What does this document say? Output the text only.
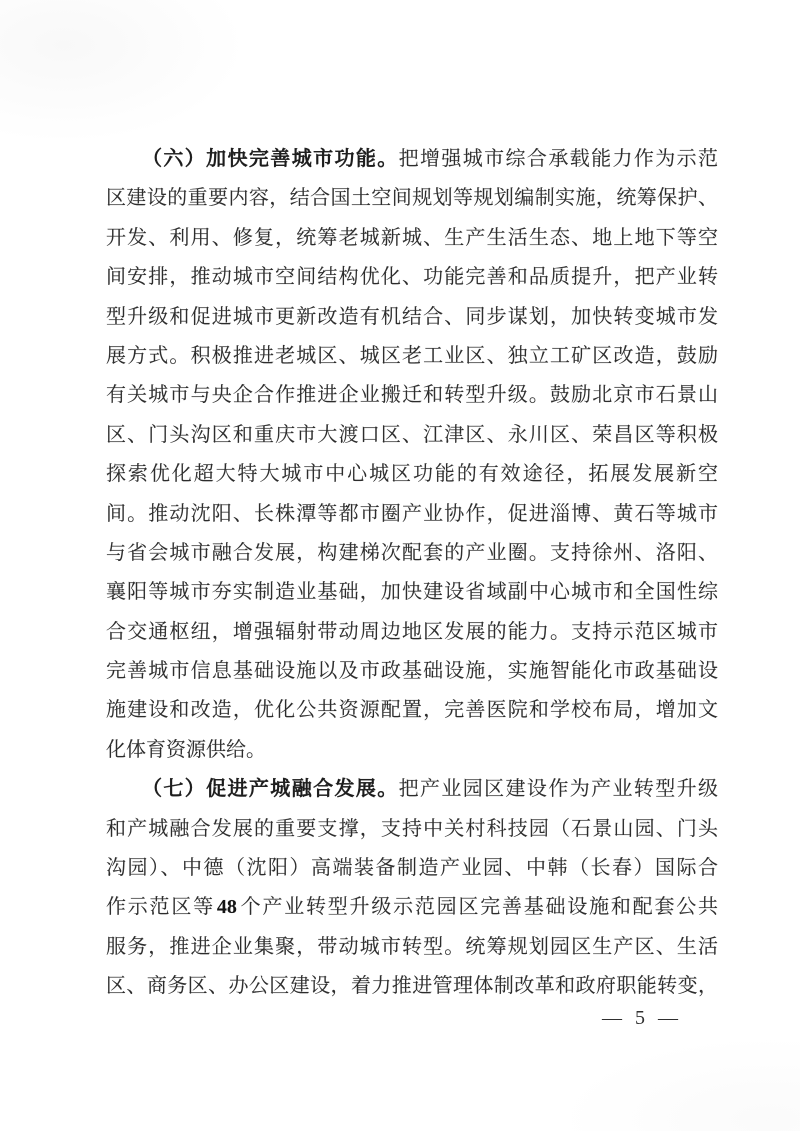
（六）加快完善城市功能。把增强城市综合承载能力作为示范
区建设的重要内容，结合国土空间规划等规划编制实施，统筹保护、
开发、利用、修复，统筹老城新城、生产生活生态、地上地下等空
间安排，推动城市空间结构优化、功能完善和品质提升，把产业转
型升级和促进城市更新改造有机结合、同步谋划，加快转变城市发
展方式。积极推进老城区、城区老工业区、独立工矿区改造，鼓励
有关城市与央企合作推进企业搬迁和转型升级。鼓励北京市石景山
区、门头沟区和重庆市大渡口区、江津区、永川区、荣昌区等积极
探索优化超大特大城市中心城区功能的有效途径，拓展发展新空
间。推动沈阳、长株潭等都市圈产业协作，促进淄博、黄石等城市
与省会城市融合发展，构建梯次配套的产业圈。支持徐州、洛阳、
襄阳等城市夯实制造业基础，加快建设省域副中心城市和全国性综
合交通枢纽，增强辐射带动周边地区发展的能力。支持示范区城市
完善城市信息基础设施以及市政基础设施，实施智能化市政基础设
施建设和改造，优化公共资源配置，完善医院和学校布局，增加文
化体育资源供给。
（七）促进产城融合发展。把产业园区建设作为产业转型升级
和产城融合发展的重要支撑，支持中关村科技园（石景山园、门头
沟园）、中德（沈阳）高端装备制造产业园、中韩（长春）国际合
作示范区等 48 个产业转型升级示范园区完善基础设施和配套公共
服务，推进企业集聚，带动城市转型。统筹规划园区生产区、生活
区、商务区、办公区建设，着力推进管理体制改革和政府职能转变，
— 5 —
